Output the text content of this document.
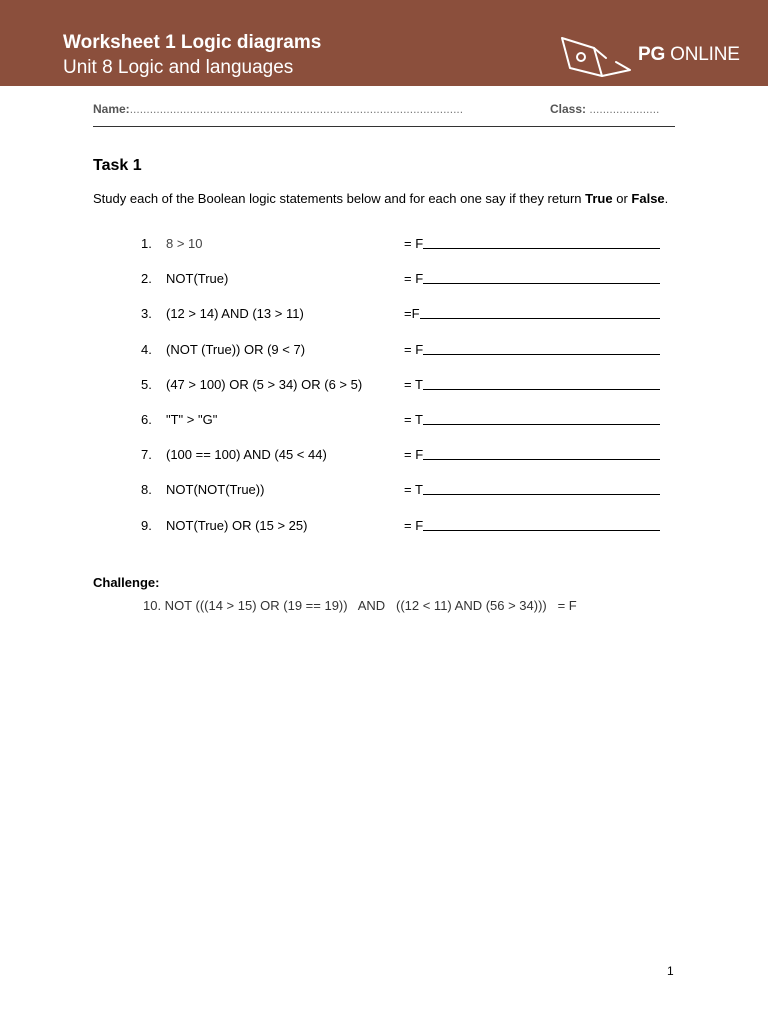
Worksheet 1 Logic diagrams
Unit 8 Logic and languages
PG ONLINE
Name:....................................................................................................	Class: .....................
Task 1
Study each of the Boolean logic statements below and for each one say if they return True or False.
1.	8 > 10	= F
2.	NOT(True)	= F
3.	(12 > 14) AND (13 > 11)	=F
4.	(NOT (True)) OR (9 < 7)	= F
5.	(47 > 100) OR (5 > 34) OR (6 > 5)	= T
6.	"T" > "G"	= T
7.	(100 == 100) AND (45 < 44)	= F
8.	NOT(NOT(True))	= T
9.	NOT(True) OR (15 > 25)	= F
Challenge:
10. NOT (((14 > 15) OR (19 == 19))   AND   ((12 < 11) AND (56 > 34)))   = F
1
